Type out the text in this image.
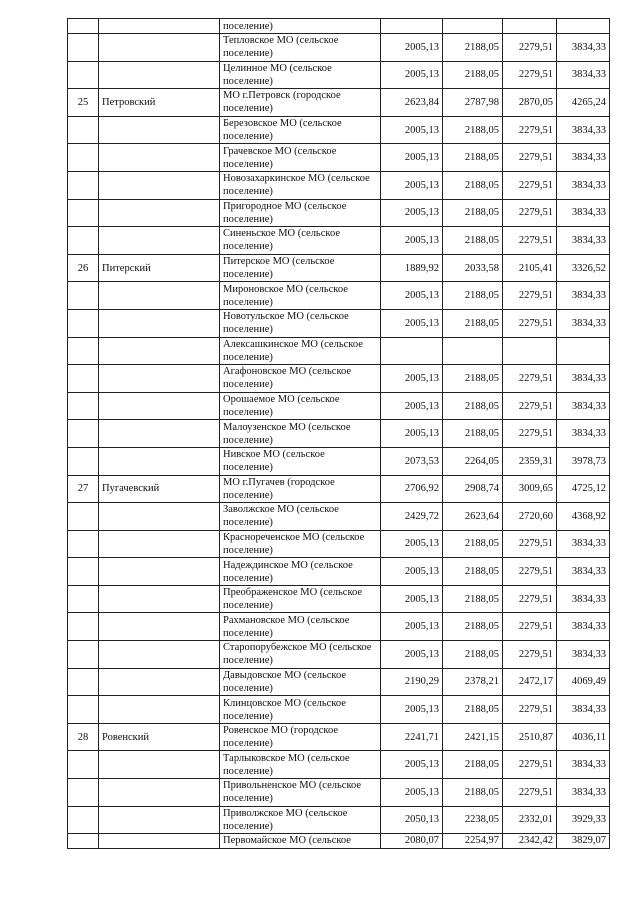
		поселение)				
		Тепловское МО (сельское поселение)	2005,13	2188,05	2279,51	3834,33
		Целинное МО (сельское поселение)	2005,13	2188,05	2279,51	3834,33
25	Петровский	МО г.Петровск (городское поселение)	2623,84	2787,98	2870,05	4265,24
		Березовское МО (сельское поселение)	2005,13	2188,05	2279,51	3834,33
		Грачевское МО (сельское поселение)	2005,13	2188,05	2279,51	3834,33
		Новозахаркинское МО (сельское поселение)	2005,13	2188,05	2279,51	3834,33
		Пригородное МО (сельское поселение)	2005,13	2188,05	2279,51	3834,33
		Синеньское МО (сельское поселение)	2005,13	2188,05	2279,51	3834,33
26	Питерский	Питерское МО (сельское поселение)	1889,92	2033,58	2105,41	3326,52
		Мироновское МО (сельское поселение)	2005,13	2188,05	2279,51	3834,33
		Новотульское МО (сельское поселение)	2005,13	2188,05	2279,51	3834,33
		Алексашкинское МО (сельское поселение)				
		Агафоновское МО (сельское поселение)	2005,13	2188,05	2279,51	3834,33
		Орошаемое МО (сельское поселение)	2005,13	2188,05	2279,51	3834,33
		Малоузенское МО (сельское поселение)	2005,13	2188,05	2279,51	3834,33
		Нивское МО (сельское поселение)	2073,53	2264,05	2359,31	3978,73
27	Пугачевский	МО г.Пугачев (городское поселение)	2706,92	2908,74	3009,65	4725,12
		Заволжское МО (сельское поселение)	2429,72	2623,64	2720,60	4368,92
		Краснореченское МО (сельское поселение)	2005,13	2188,05	2279,51	3834,33
		Надеждинское МО (сельское поселение)	2005,13	2188,05	2279,51	3834,33
		Преображенское МО (сельское поселение)	2005,13	2188,05	2279,51	3834,33
		Рахмановское МО (сельское поселение)	2005,13	2188,05	2279,51	3834,33
		Старопорубежское МО (сельское поселение)	2005,13	2188,05	2279,51	3834,33
		Давыдовское МО (сельское поселение)	2190,29	2378,21	2472,17	4069,49
		Клинцовское МО (сельское поселение)	2005,13	2188,05	2279,51	3834,33
28	Ровенский	Ровенское МО (городское поселение)	2241,71	2421,15	2510,87	4036,11
		Тарлыковское МО (сельское поселение)	2005,13	2188,05	2279,51	3834,33
		Привольненское МО (сельское поселение)	2005,13	2188,05	2279,51	3834,33
		Приволжское МО (сельское поселение)	2050,13	2238,05	2332,01	3929,33
		Первомайское МО (сельское	2080,07	2254,97	2342,42	3829,07
